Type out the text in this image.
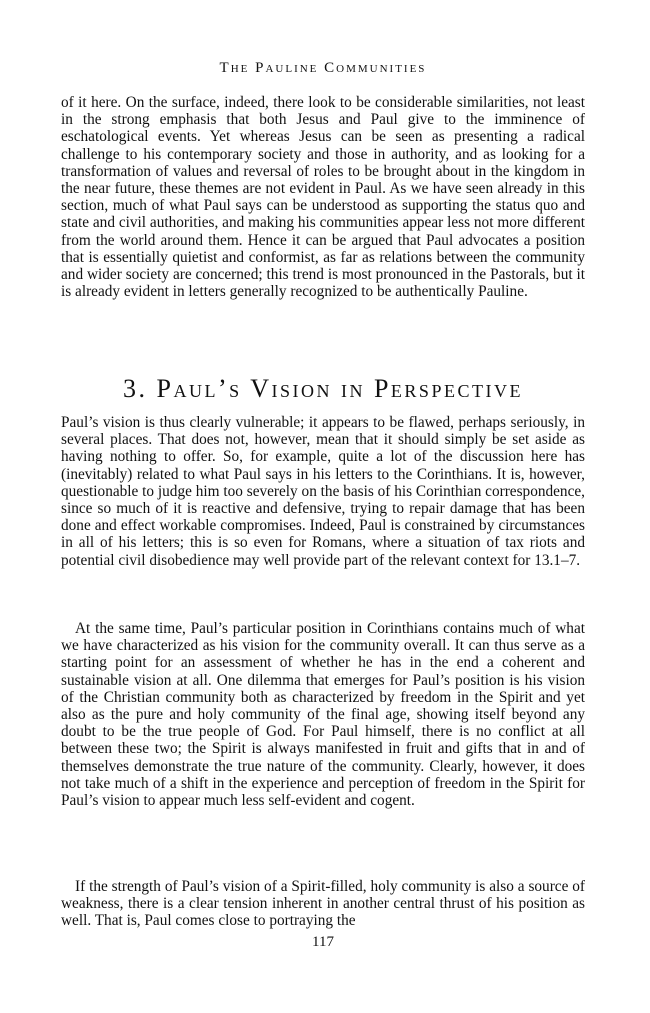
The Pauline Communities

of it here. On the surface, indeed, there look to be considerable similarities, not least in the strong emphasis that both Jesus and Paul give to the imminence of eschatological events. Yet whereas Jesus can be seen as presenting a radical challenge to his contemporary society and those in authority, and as looking for a transformation of values and reversal of roles to be brought about in the kingdom in the near future, these themes are not evident in Paul. As we have seen already in this section, much of what Paul says can be understood as supporting the status quo and state and civil authorities, and making his communities appear less not more different from the world around them. Hence it can be argued that Paul advocates a position that is essentially quietist and conformist, as far as relations between the community and wider society are concerned; this trend is most pronounced in the Pastorals, but it is already evident in letters generally recognized to be authentically Pauline.

3. Paul’s Vision in Perspective

Paul’s vision is thus clearly vulnerable; it appears to be flawed, perhaps seriously, in several places. That does not, however, mean that it should simply be set aside as having nothing to offer. So, for example, quite a lot of the discussion here has (inevitably) related to what Paul says in his letters to the Corinthians. It is, however, questionable to judge him too severely on the basis of his Corinthian correspondence, since so much of it is reactive and defensive, trying to repair damage that has been done and effect workable compromises. Indeed, Paul is constrained by circumstances in all of his letters; this is so even for Romans, where a situation of tax riots and potential civil disobedience may well provide part of the relevant context for 13.1–7.

At the same time, Paul’s particular position in Corinthians contains much of what we have characterized as his vision for the community overall. It can thus serve as a starting point for an assessment of whether he has in the end a coherent and sustainable vision at all. One dilemma that emerges for Paul’s position is his vision of the Christian community both as characterized by freedom in the Spirit and yet also as the pure and holy community of the final age, showing itself beyond any doubt to be the true people of God. For Paul himself, there is no conflict at all between these two; the Spirit is always manifested in fruit and gifts that in and of themselves demonstrate the true nature of the community. Clearly, however, it does not take much of a shift in the experience and perception of freedom in the Spirit for Paul’s vision to appear much less self-evident and cogent.

If the strength of Paul’s vision of a Spirit-filled, holy community is also a source of weakness, there is a clear tension inherent in another central thrust of his position as well. That is, Paul comes close to portraying the

117
